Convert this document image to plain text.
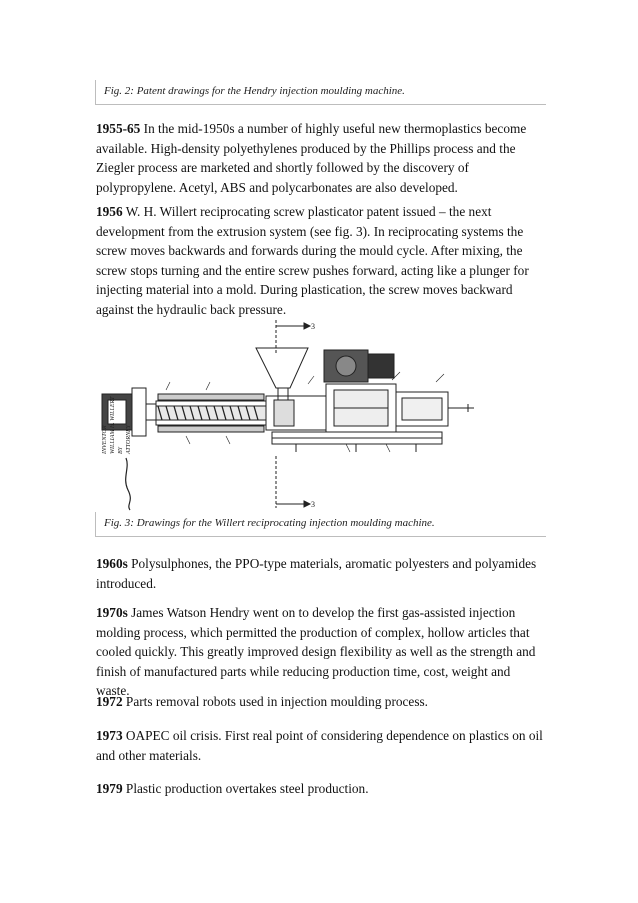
Fig. 2: Patent drawings for the Hendry injection moulding machine.
1955-65 In the mid-1950s a number of highly useful new thermoplastics become available. High-density polyethylenes produced by the Phillips process and the Ziegler process are marketed and shortly followed by the discovery of polypropylene. Acetyl, ABS and polycarbonates are also developed.
1956 W. H. Willert reciprocating screw plasticator patent issued – the next development from the extrusion system (see fig. 3). In reciprocating systems the screw moves backwards and forwards during the mould cycle. After mixing, the screw stops turning and the entire screw pushes forward, acting like a plunger for injecting material into a mold. During plastication, the screw moves backward against the hydraulic back pressure.
3
3
INVENTOR WILLIAM H. WILLERT BY ATTORNEY
Fig. 3: Drawings for the Willert reciprocating injection moulding machine.
1960s Polysulphones, the PPO-type materials, aromatic polyesters and polyamides introduced.
1970s James Watson Hendry went on to develop the first gas-assisted injection molding process, which permitted the production of complex, hollow articles that cooled quickly. This greatly improved design flexibility as well as the strength and finish of manufactured parts while reducing production time, cost, weight and waste.
1972 Parts removal robots used in injection moulding process.
1973 OAPEC oil crisis. First real point of considering dependence on plastics on oil and other materials.
1979 Plastic production overtakes steel production.
